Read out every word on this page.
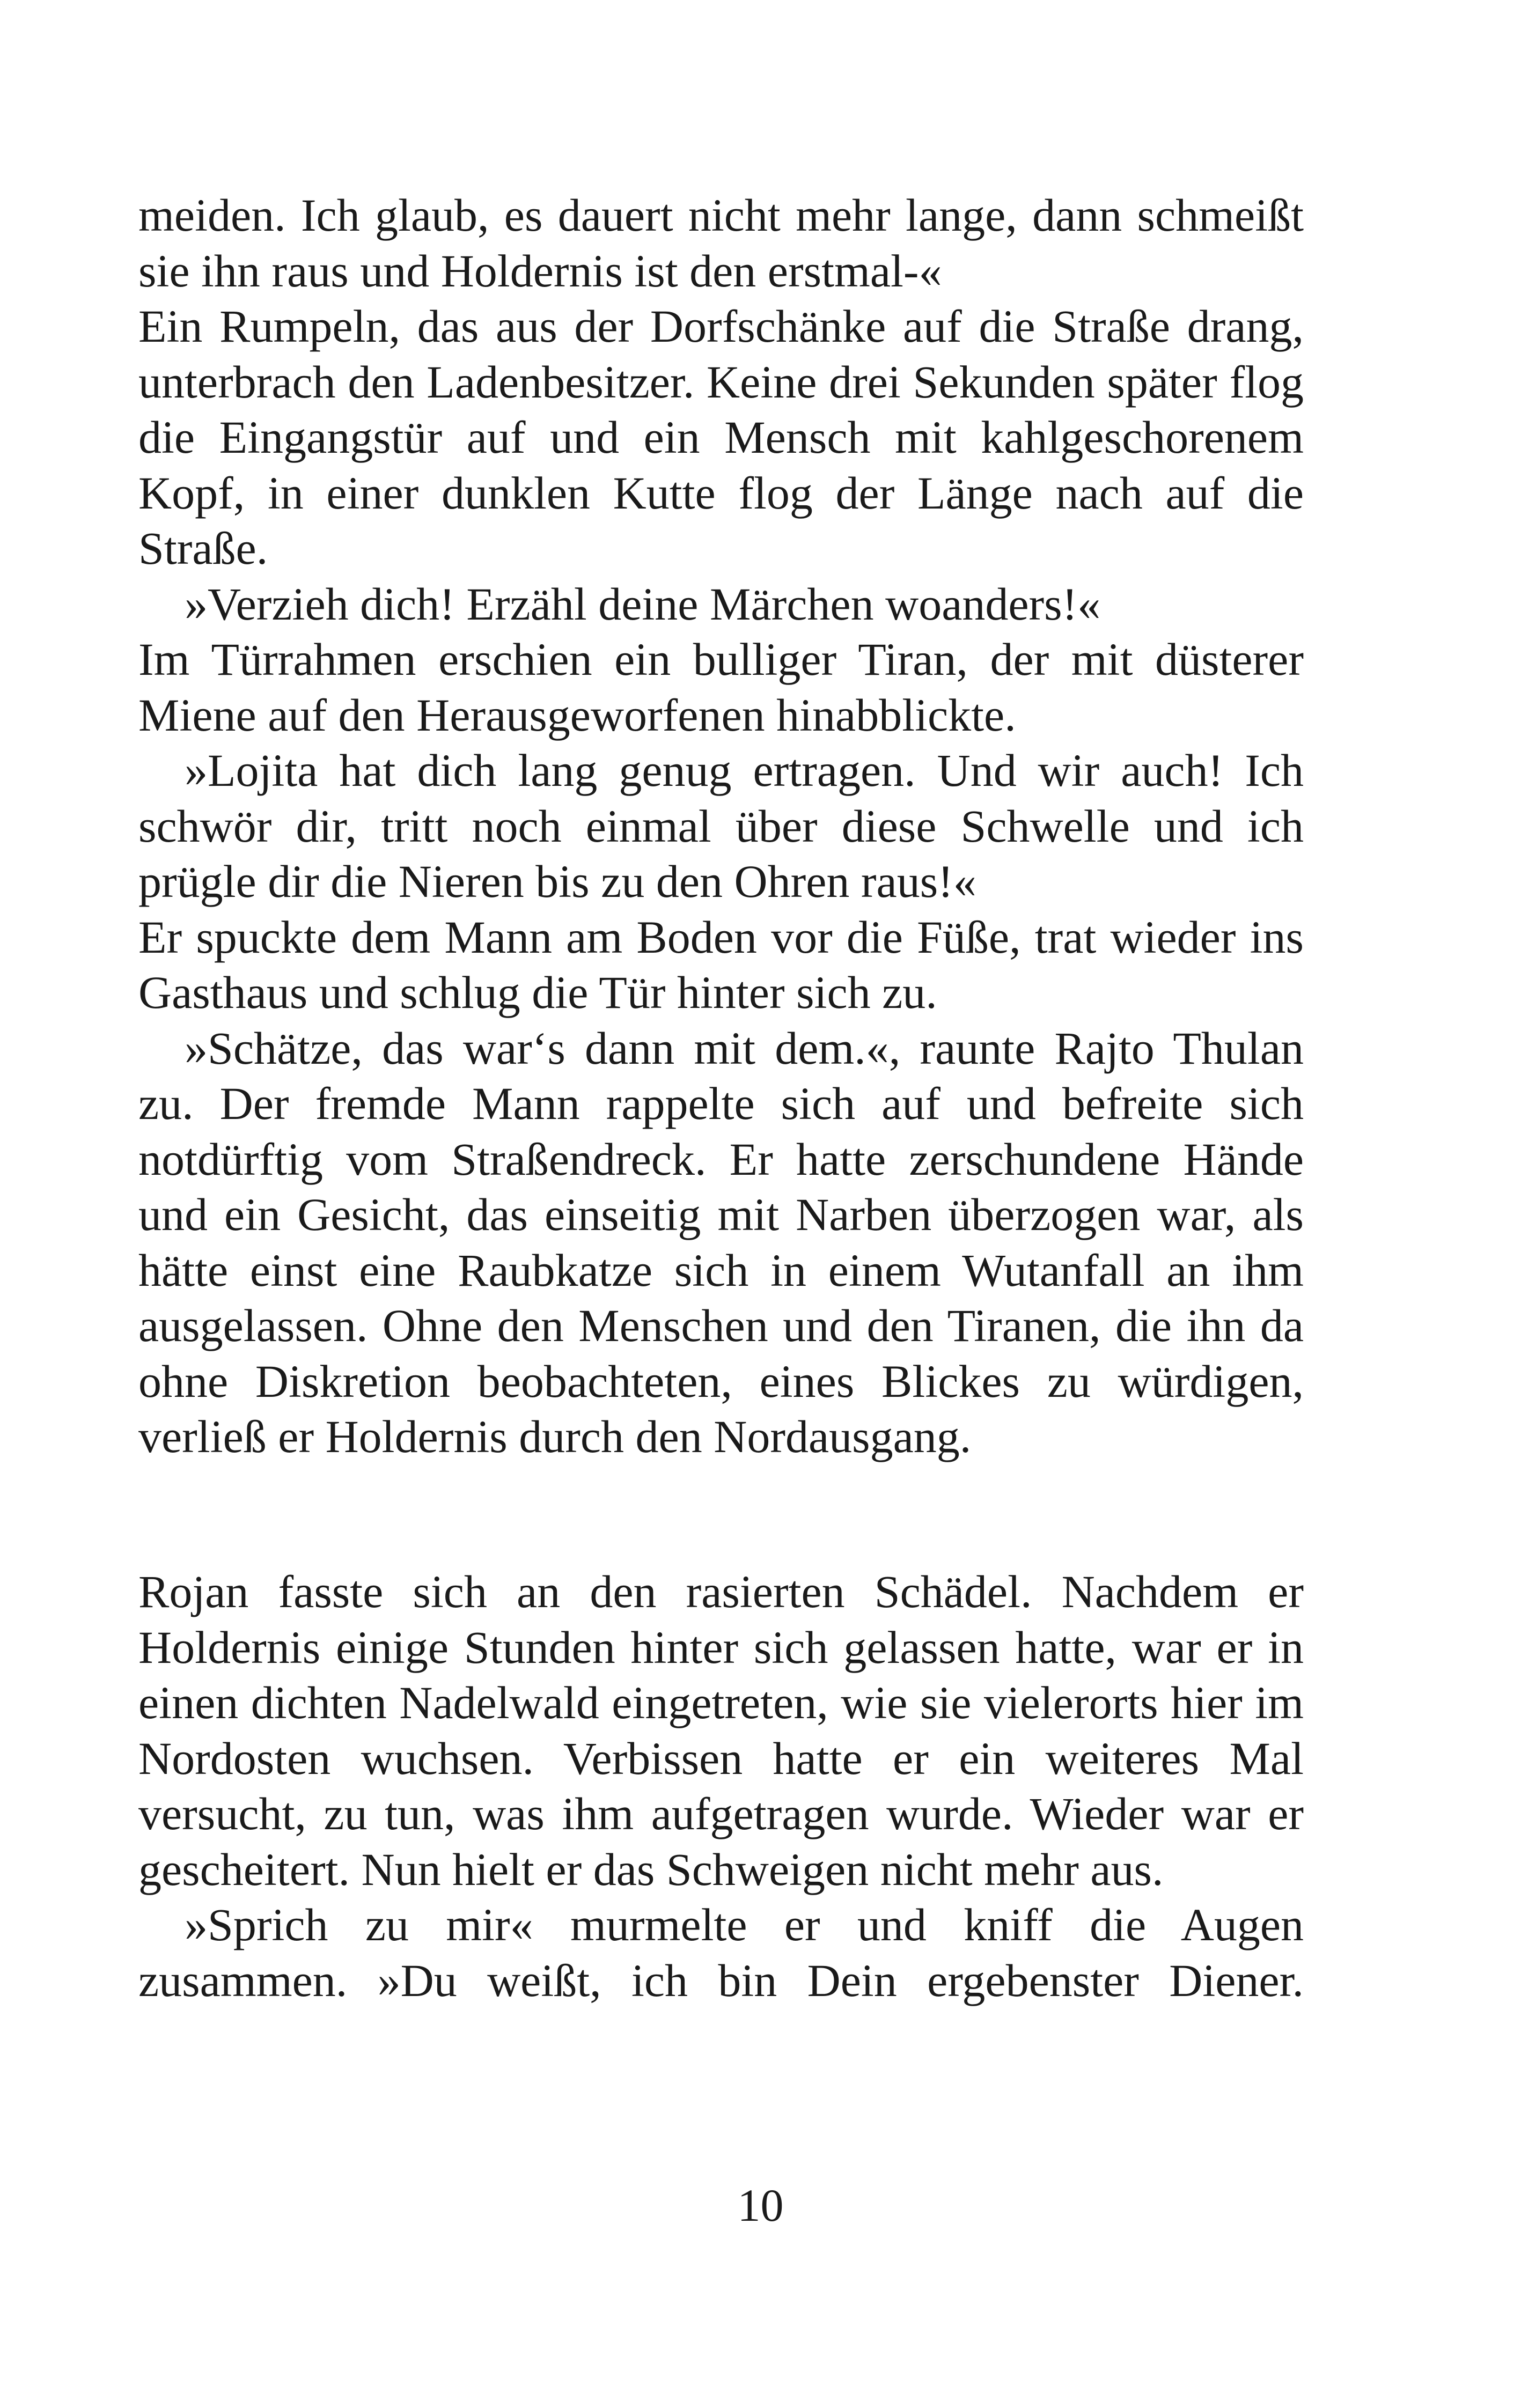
meiden. Ich glaub, es dauert nicht mehr lange, dann schmeißt sie ihn raus und Holdernis ist den erstmal-«

Ein Rumpeln, das aus der Dorfschänke auf die Straße drang, unterbrach den Ladenbesitzer. Keine drei Sekunden später flog die Eingangstür auf und ein Mensch mit kahlgeschorenem Kopf, in einer dunklen Kutte flog der Länge nach auf die Straße.

»Verzieh dich! Erzähl deine Märchen woanders!«

Im Türrahmen erschien ein bulliger Tiran, der mit düsterer Miene auf den Herausgeworfenen hinabblickte.

»Lojita hat dich lang genug ertragen. Und wir auch! Ich schwör dir, tritt noch einmal über diese Schwelle und ich prügle dir die Nieren bis zu den Ohren raus!«

Er spuckte dem Mann am Boden vor die Füße, trat wieder ins Gasthaus und schlug die Tür hinter sich zu.

»Schätze, das war‘s dann mit dem.«, raunte Rajto Thulan zu. Der fremde Mann rappelte sich auf und befreite sich notdürftig vom Straßendreck. Er hatte zerschundene Hände und ein Gesicht, das einseitig mit Narben überzogen war, als hätte einst eine Raubkatze sich in einem Wutanfall an ihm ausgelassen. Ohne den Menschen und den Tiranen, die ihn da ohne Diskretion beobachteten, eines Blickes zu würdigen, verließ er Holdernis durch den Nordausgang.

Rojan fasste sich an den rasierten Schädel. Nachdem er Holdernis einige Stunden hinter sich gelassen hatte, war er in einen dichten Nadelwald eingetreten, wie sie vielerorts hier im Nordosten wuchsen. Verbissen hatte er ein weiteres Mal versucht, zu tun, was ihm aufgetragen wurde. Wieder war er gescheitert. Nun hielt er das Schweigen nicht mehr aus.

»Sprich zu mir« murmelte er und kniff die Augen zusammen. »Du weißt, ich bin Dein ergebenster Diener.

10
